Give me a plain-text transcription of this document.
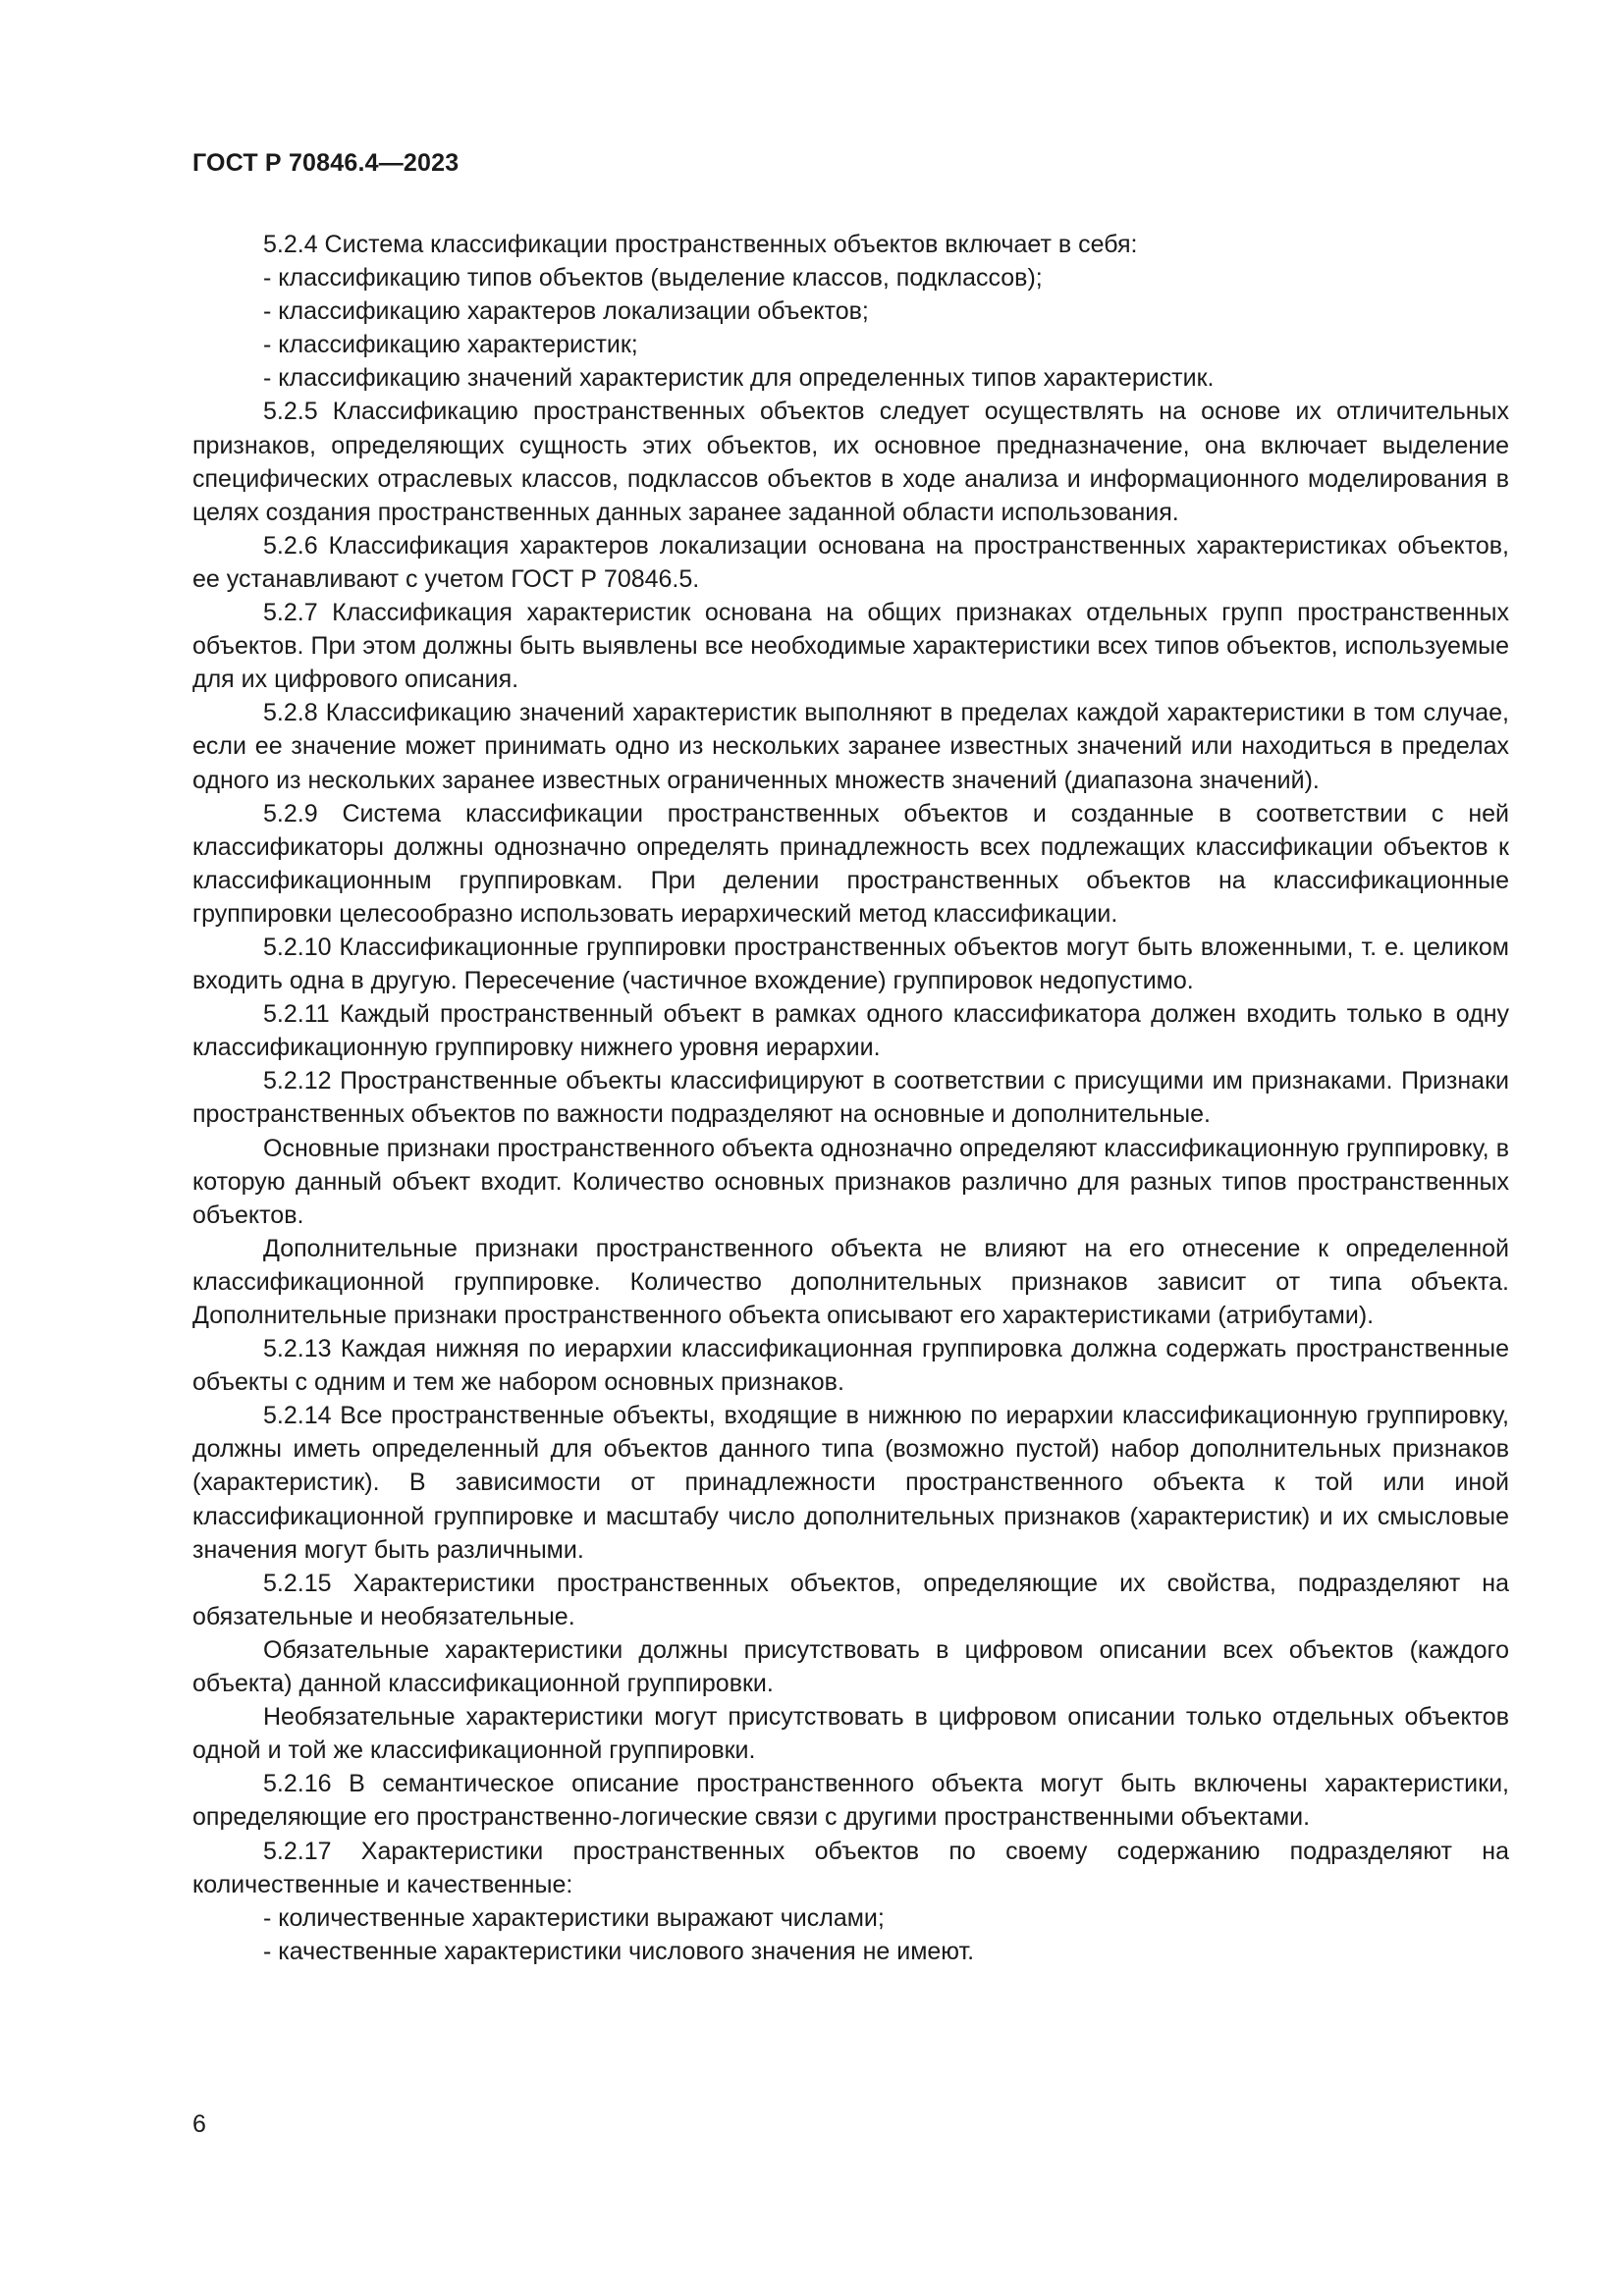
ГОСТ Р 70846.4—2023

5.2.4 Система классификации пространственных объектов включает в себя:

- классификацию типов объектов (выделение классов, подклассов);

- классификацию характеров локализации объектов;

- классификацию характеристик;

- классификацию значений характеристик для определенных типов характеристик.

5.2.5 Классификацию пространственных объектов следует осуществлять на основе их отличительных признаков, определяющих сущность этих объектов, их основное предназначение, она включает выделение специфических отраслевых классов, подклассов объектов в ходе анализа и информационного моделирования в целях создания пространственных данных заранее заданной области использования.

5.2.6 Классификация характеров локализации основана на пространственных характеристиках объектов, ее устанавливают с учетом ГОСТ Р 70846.5.

5.2.7 Классификация характеристик основана на общих признаках отдельных групп пространственных объектов. При этом должны быть выявлены все необходимые характеристики всех типов объектов, используемые для их цифрового описания.

5.2.8 Классификацию значений характеристик выполняют в пределах каждой характеристики в том случае, если ее значение может принимать одно из нескольких заранее известных значений или находиться в пределах одного из нескольких заранее известных ограниченных множеств значений (диапазона значений).

5.2.9 Система классификации пространственных объектов и созданные в соответствии с ней классификаторы должны однозначно определять принадлежность всех подлежащих классификации объектов к классификационным группировкам. При делении пространственных объектов на классификационные группировки целесообразно использовать иерархический метод классификации.

5.2.10 Классификационные группировки пространственных объектов могут быть вложенными, т. е. целиком входить одна в другую. Пересечение (частичное вхождение) группировок недопустимо.

5.2.11 Каждый пространственный объект в рамках одного классификатора должен входить только в одну классификационную группировку нижнего уровня иерархии.

5.2.12 Пространственные объекты классифицируют в соответствии с присущими им признаками. Признаки пространственных объектов по важности подразделяют на основные и дополнительные.

Основные признаки пространственного объекта однозначно определяют классификационную группировку, в которую данный объект входит. Количество основных признаков различно для разных типов пространственных объектов.

Дополнительные признаки пространственного объекта не влияют на его отнесение к определенной классификационной группировке. Количество дополнительных признаков зависит от типа объекта. Дополнительные признаки пространственного объекта описывают его характеристиками (атрибутами).

5.2.13 Каждая нижняя по иерархии классификационная группировка должна содержать пространственные объекты с одним и тем же набором основных признаков.

5.2.14 Все пространственные объекты, входящие в нижнюю по иерархии классификационную группировку, должны иметь определенный для объектов данного типа (возможно пустой) набор дополнительных признаков (характеристик). В зависимости от принадлежности пространственного объекта к той или иной классификационной группировке и масштабу число дополнительных признаков (характеристик) и их смысловые значения могут быть различными.

5.2.15 Характеристики пространственных объектов, определяющие их свойства, подразделяют на обязательные и необязательные.

Обязательные характеристики должны присутствовать в цифровом описании всех объектов (каждого объекта) данной классификационной группировки.

Необязательные характеристики могут присутствовать в цифровом описании только отдельных объектов одной и той же классификационной группировки.

5.2.16 В семантическое описание пространственного объекта могут быть включены характеристики, определяющие его пространственно-логические связи с другими пространственными объектами.

5.2.17 Характеристики пространственных объектов по своему содержанию подразделяют на количественные и качественные:

- количественные характеристики выражают числами;

- качественные характеристики числового значения не имеют.

6
